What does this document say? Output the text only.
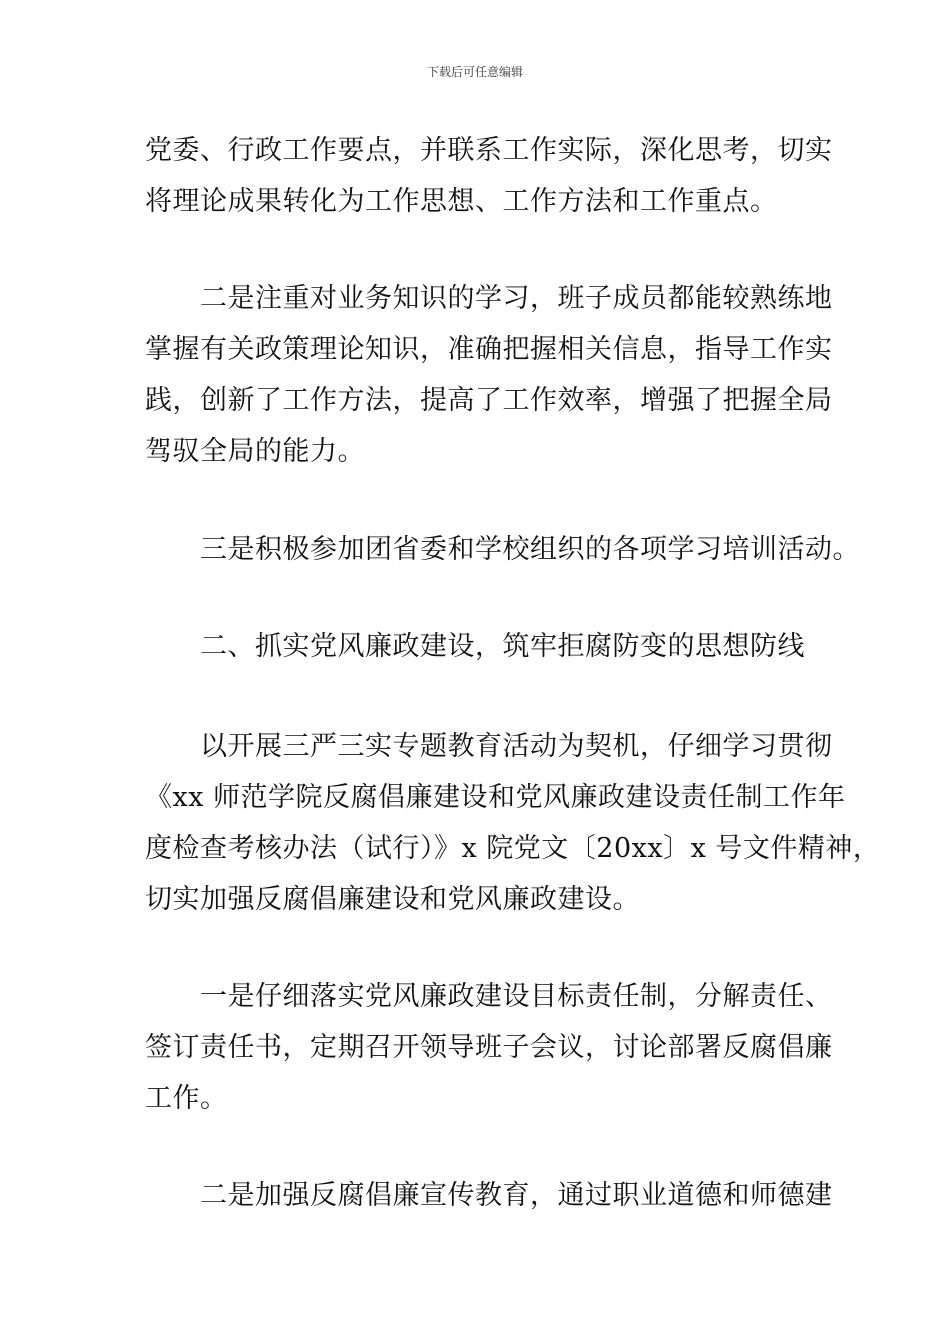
下载后可任意编辑

党委、行政工作要点，并联系工作实际，深化思考，切实
将理论成果转化为工作思想、工作方法和工作重点。

二是注重对业务知识的学习，班子成员都能较熟练地
掌握有关政策理论知识，准确把握相关信息，指导工作实
践，创新了工作方法，提高了工作效率，增强了把握全局
驾驭全局的能力。

三是积极参加团省委和学校组织的各项学习培训活动。

二、抓实党风廉政建设，筑牢拒腐防变的思想防线

以开展三严三实专题教育活动为契机，仔细学习贯彻
《xx 师范学院反腐倡廉建设和党风廉政建设责任制工作年
度检查考核办法（试行）》x 院党文〔20xx〕x 号文件精神，
切实加强反腐倡廉建设和党风廉政建设。

一是仔细落实党风廉政建设目标责任制，分解责任、
签订责任书，定期召开领导班子会议，讨论部署反腐倡廉
工作。

二是加强反腐倡廉宣传教育，通过职业道德和师德建
